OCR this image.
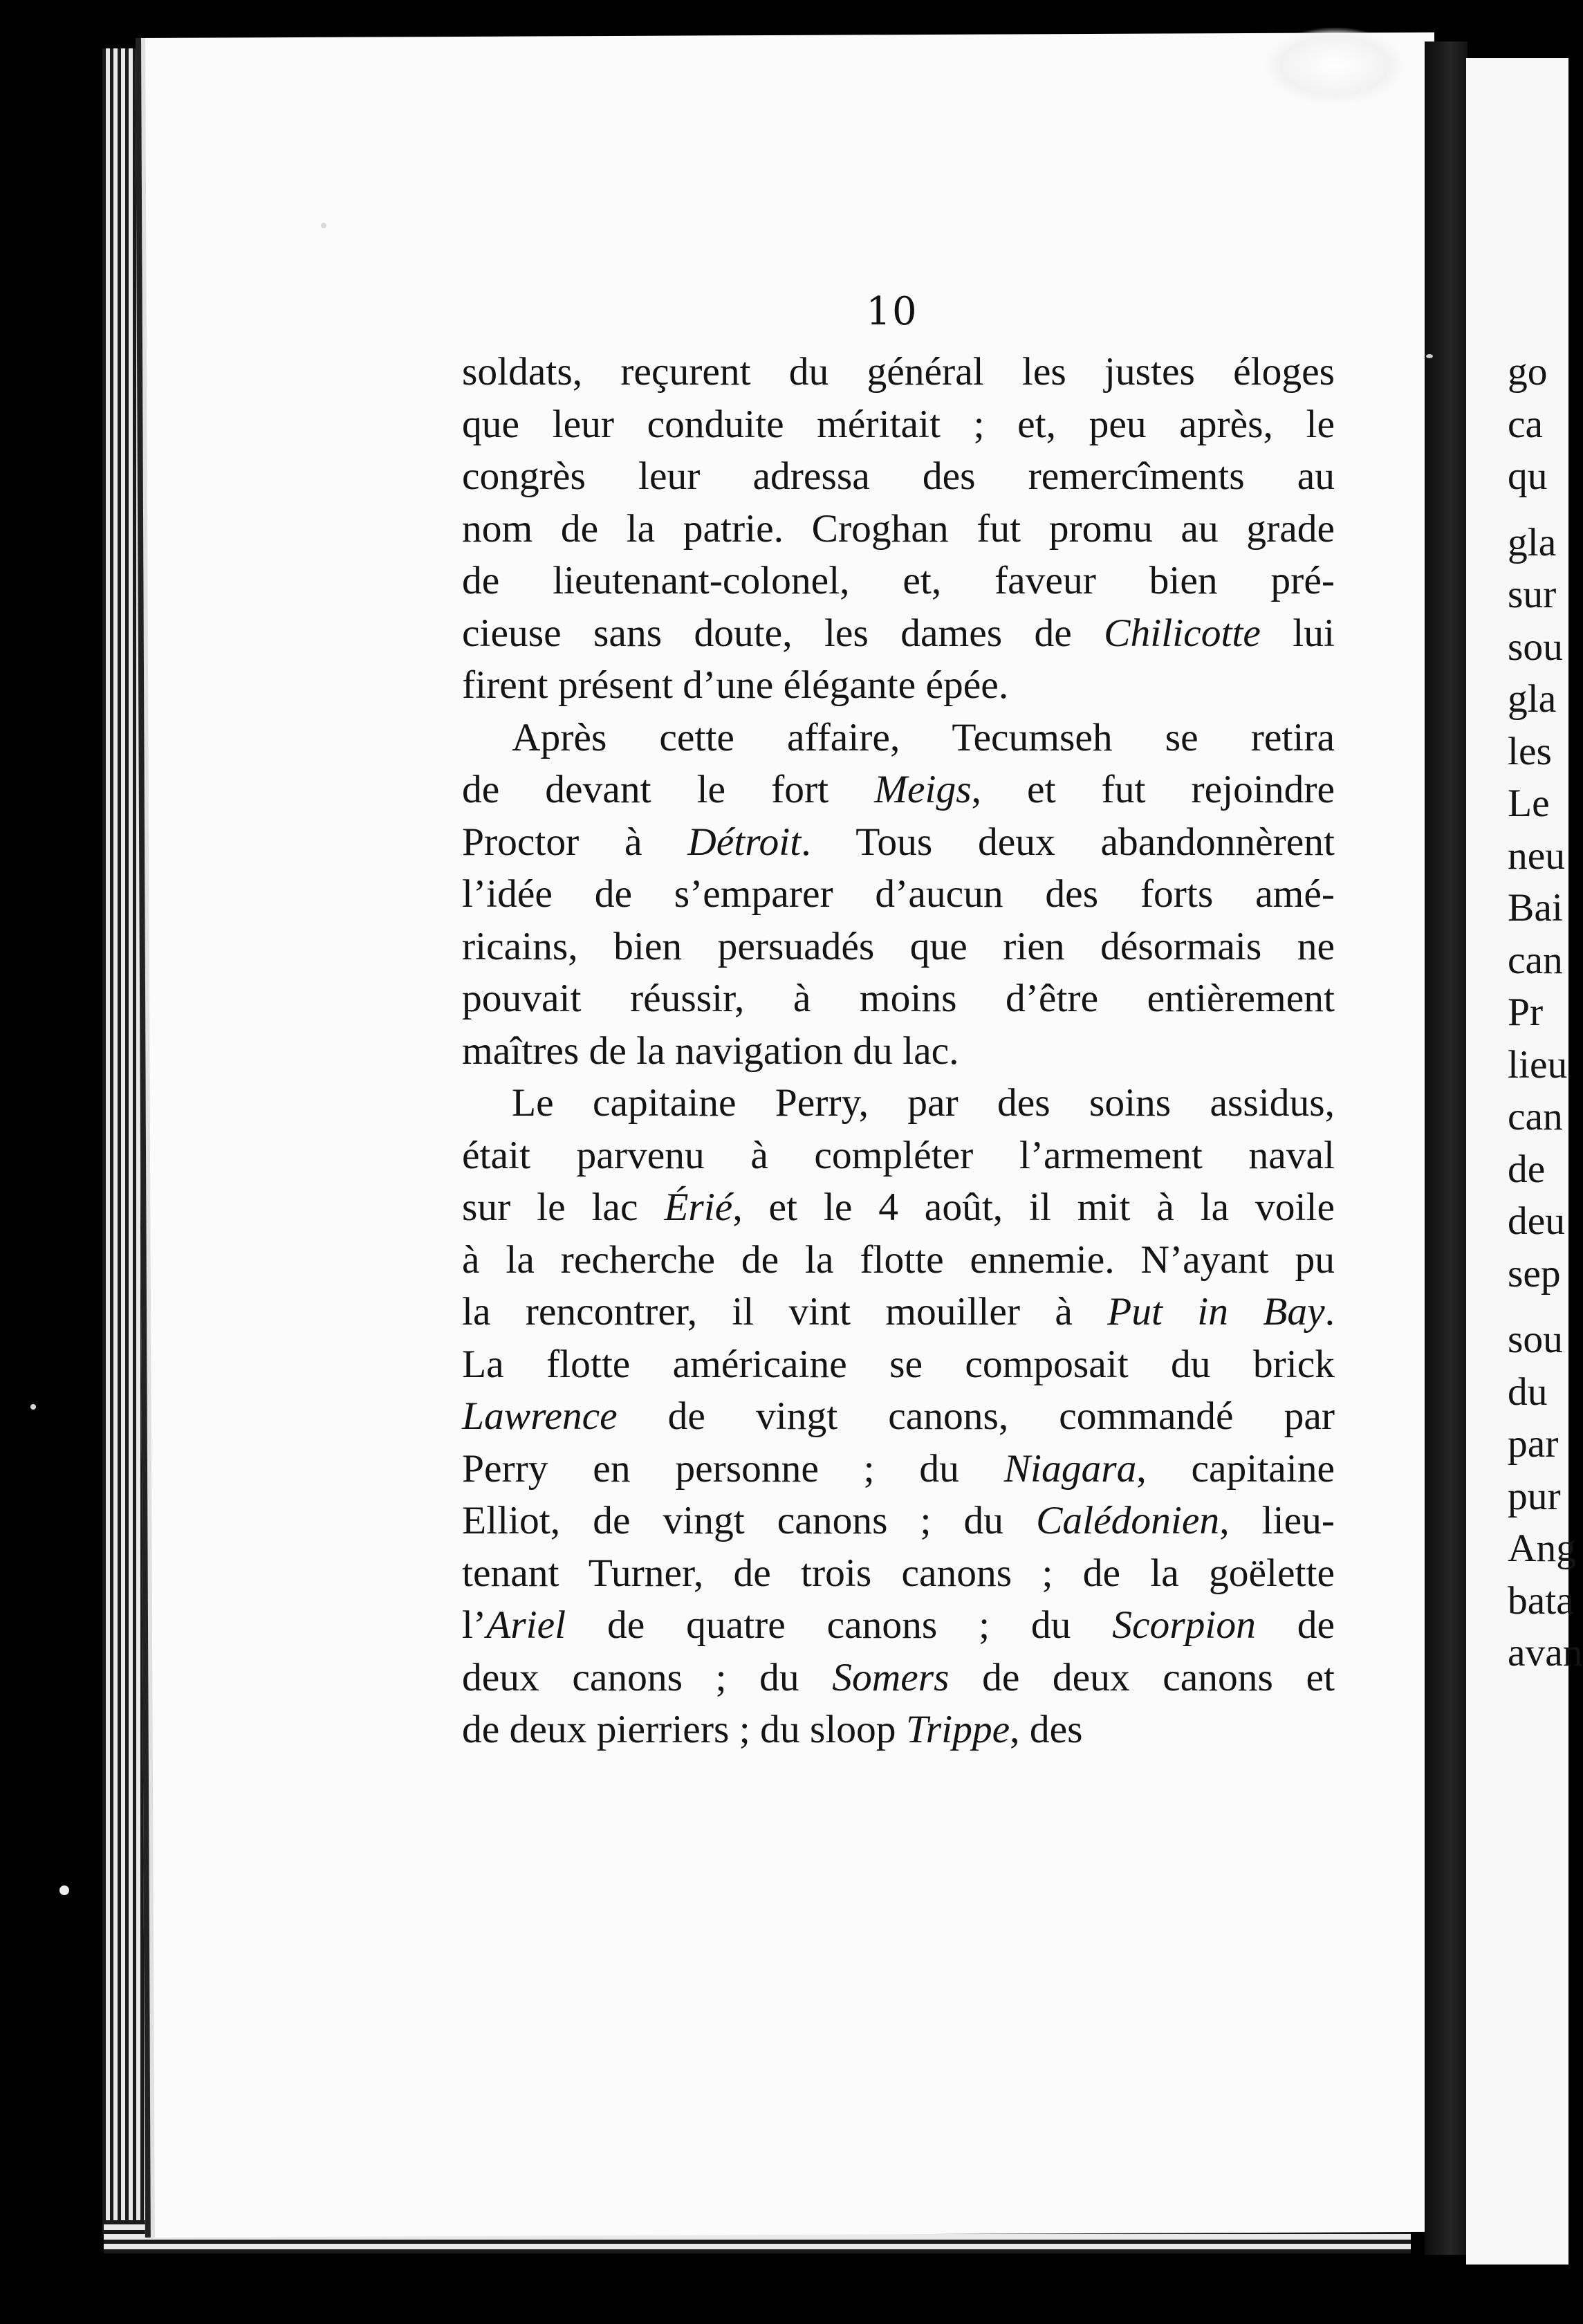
10
soldats, reçurent du général les justes éloges
que leur conduite méritait ; et, peu après, le
congrès leur adressa des remercîments au
nom de la patrie. Croghan fut promu au grade
de lieutenant-colonel, et, faveur bien pré-
cieuse sans doute, les dames de Chilicotte lui
firent présent d’une élégante épée.
Après cette affaire, Tecumseh se retira
de devant le fort Meigs, et fut rejoindre
Proctor à Détroit. Tous deux abandonnèrent
l’idée de s’emparer d’aucun des forts amé-
ricains, bien persuadés que rien désormais ne
pouvait réussir, à moins d’être entièrement
maîtres de la navigation du lac.
Le capitaine Perry, par des soins assidus,
était parvenu à compléter l’armement naval
sur le lac Érié, et le 4 août, il mit à la voile
à la recherche de la flotte ennemie. N’ayant pu
la rencontrer, il vint mouiller à Put in Bay.
La flotte américaine se composait du brick
Lawrence de vingt canons, commandé par
Perry en personne ; du Niagara, capitaine
Elliot, de vingt canons ; du Calédonien, lieu-
tenant Turner, de trois canons ; de la goëlette
l’Ariel de quatre canons ; du Scorpion de
deux canons ; du Somers de deux canons et
de deux pierriers ; du sloop Trippe, des
go
ca
qu
gla
sur
sou
gla
les
Le
neu
Bai
can
Pr
lieu
can
de
deu
sep
sou
du
par
pur
Ang
bata
avan
